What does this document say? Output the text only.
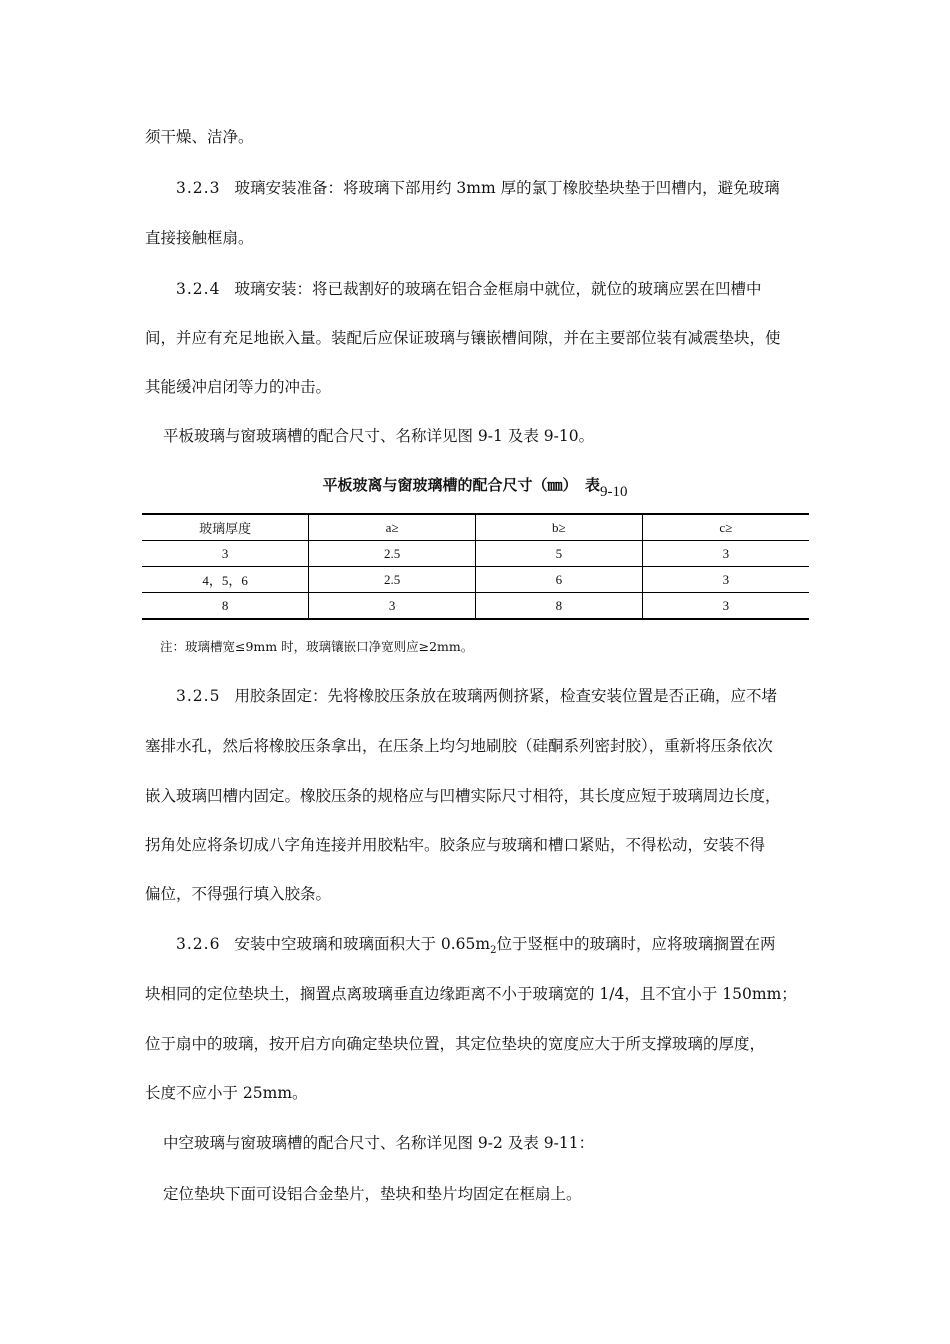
须干燥、洁净。
3.2.3 玻璃安装准备：将玻璃下部用约 3mm 厚的氯丁橡胶垫块垫于凹槽内，避免玻璃
直接接触框扇。
3.2.4 玻璃安装：将已裁割好的玻璃在铝合金框扇中就位，就位的玻璃应罢在凹槽中
间，并应有充足地嵌入量。装配后应保证玻璃与镶嵌槽间隙，并在主要部位装有减震垫块，使
其能缓冲启闭等力的冲击。
平板玻璃与窗玻璃槽的配合尺寸、名称详见图 9-1 及表 9-10。
平板玻离与窗玻璃槽的配合尺寸（㎜）　表9-10
玻璃厚度	a≥	b≥	c≥
3	2.5	5	3
4，5，6	2.5	6	3
8	3	8	3
注：玻璃槽宽≤9mm 时，玻璃镶嵌口净宽则应≥2mm。
3.2.5 用胶条固定：先将橡胶压条放在玻璃两侧挤紧，检查安装位置是否正确，应不堵
塞排水孔，然后将橡胶压条拿出，在压条上均匀地刷胶（硅酮系列密封胶），重新将压条依次
嵌入玻璃凹槽内固定。橡胶压条的规格应与凹槽实际尺寸相符，其长度应短于玻璃周边长度，
拐角处应将条切成八字角连接并用胶粘牢。胶条应与玻璃和槽口紧贴，不得松动，安装不得
偏位，不得强行填入胶条。
3.2.6 安装中空玻璃和玻璃面积大于 $0.65m_2$位于竖框中的玻璃时，应将玻璃搁置在两
块相同的定位垫块土，搁置点离玻璃垂直边缘距离不小于玻璃宽的 1/4，且不宜小于 150mm；
位于扇中的玻璃，按开启方向确定垫块位置，其定位垫块的宽度应大于所支撑玻璃的厚度，
长度不应小于 25mm。
中空玻璃与窗玻璃槽的配合尺寸、名称详见图 9-2 及表 9-11：
定位垫块下面可设铝合金垫片，垫块和垫片均固定在框扇上。
